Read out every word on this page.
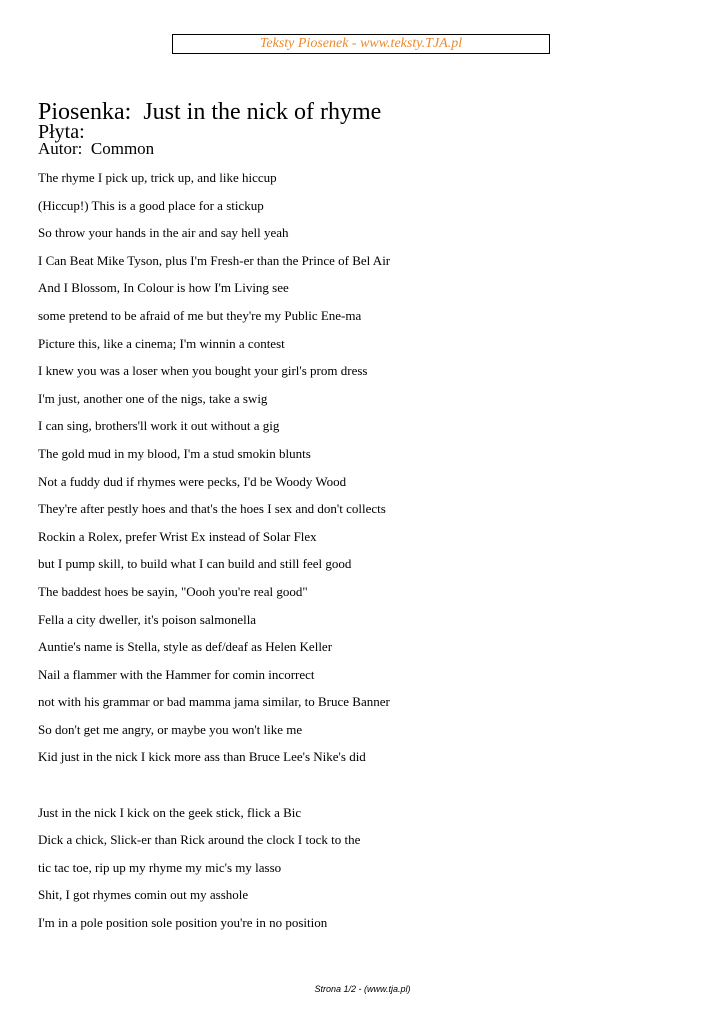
Teksty Piosenek - www.teksty.TJA.pl
Piosenka: Just in the nick of rhyme
Płyta:
Autor: Common
The rhyme I pick up, trick up, and like hiccup
(Hiccup!) This is a good place for a stickup
So throw your hands in the air and say hell yeah
I Can Beat Mike Tyson, plus I'm Fresh-er than the Prince of Bel Air
And I Blossom, In Colour is how I'm Living see
some pretend to be afraid of me but they're my Public Ene-ma
Picture this, like a cinema; I'm winnin a contest
I knew you was a loser when you bought your girl's prom dress
I'm just, another one of the nigs, take a swig
I can sing, brothers'll work it out without a gig
The gold mud in my blood, I'm a stud smokin blunts
Not a fuddy dud if rhymes were pecks, I'd be Woody Wood
They're after pestly hoes and that's the hoes I sex and don't collects
Rockin a Rolex, prefer Wrist Ex instead of Solar Flex
but I pump skill, to build what I can build and still feel good
The baddest hoes be sayin, "Oooh you're real good"
Fella a city dweller, it's poison salmonella
Auntie's name is Stella, style as def/deaf as Helen Keller
Nail a flammer with the Hammer for comin incorrect
not with his grammar or bad mamma jama similar, to Bruce Banner
So don't get me angry, or maybe you won't like me
Kid just in the nick I kick more ass than Bruce Lee's Nike's did
Just in the nick I kick on the geek stick, flick a Bic
Dick a chick, Slick-er than Rick around the clock I tock to the
tic tac toe, rip up my rhyme my mic's my lasso
Shit, I got rhymes comin out my asshole
I'm in a pole position sole position you're in no position
Strona 1/2 - (www.tja.pl)
